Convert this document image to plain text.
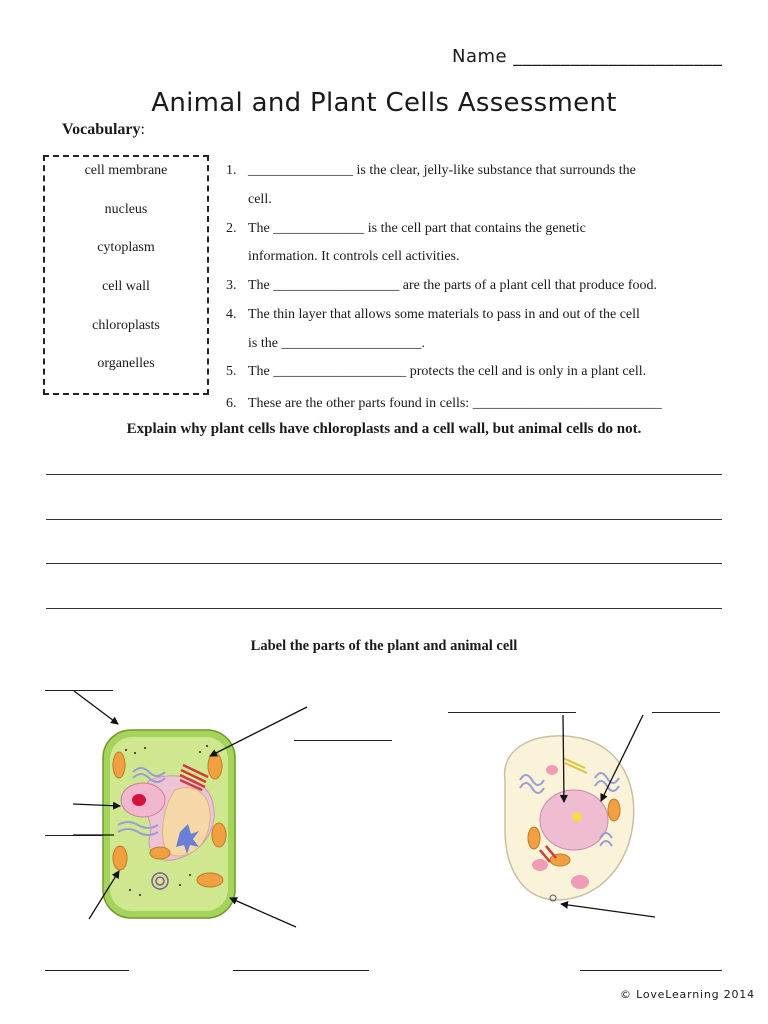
Name ______________________
Animal and Plant Cells Assessment
Vocabulary:
cell membrane
nucleus
cytoplasm
cell wall
chloroplasts
organelles
1. _______________ is the clear, jelly-like substance that surrounds the
cell.
2. The _____________ is the cell part that contains the genetic
information. It controls cell activities.
3. The __________________ are the parts of a plant cell that produce food.
4. The thin layer that allows some materials to pass in and out of the cell
is the ____________________.
5. The ___________________ protects the cell and is only in a plant cell.
6. These are the other parts found in cells: ___________________________
Explain why plant cells have chloroplasts and a cell wall, but animal cells do not.
Label the parts of the plant and animal cell
© LoveLearning 2014
